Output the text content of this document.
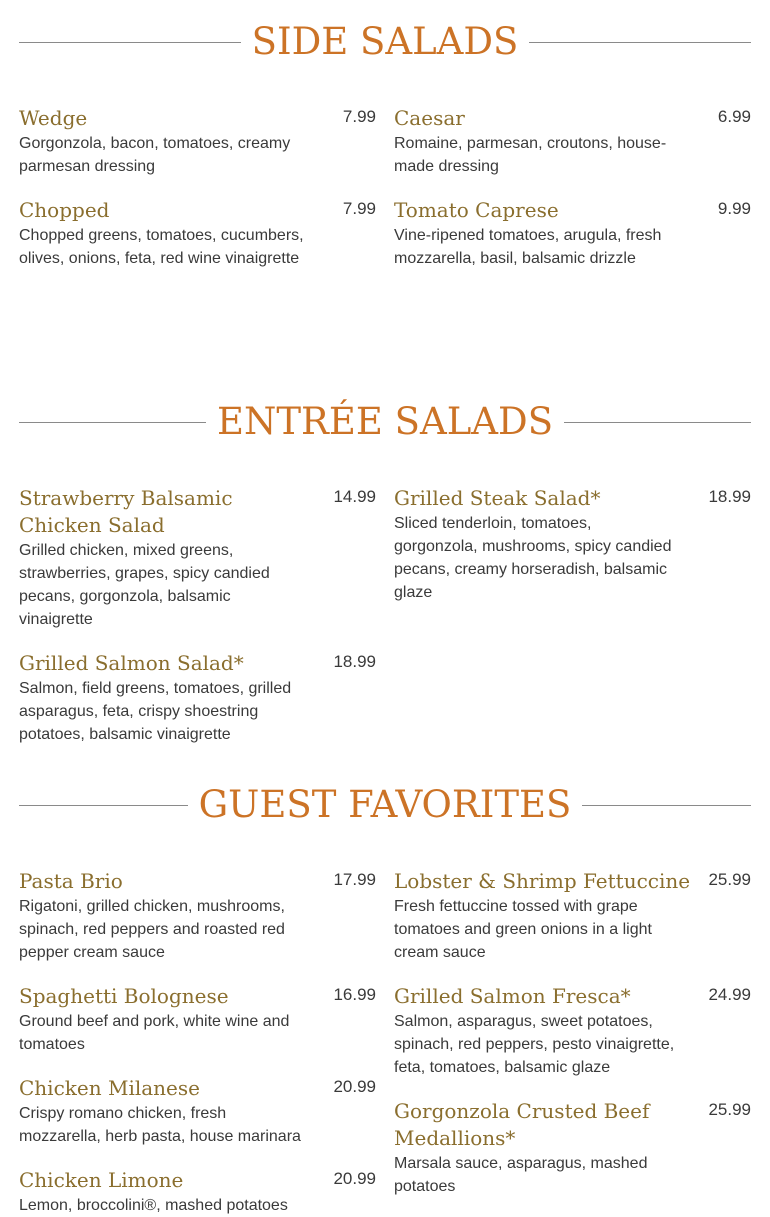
SIDE SALADS
Wedge	7.99
Gorgonzola, bacon, tomatoes, creamy parmesan dressing
Caesar	6.99
Romaine, parmesan, croutons, house-made dressing
Chopped	7.99
Chopped greens, tomatoes, cucumbers, olives, onions, feta, red wine vinaigrette
Tomato Caprese	9.99
Vine-ripened tomatoes, arugula, fresh mozzarella, basil, balsamic drizzle
ENTRÉE SALADS
Strawberry Balsamic Chicken Salad
14.99
Grilled chicken, mixed greens, strawberries, grapes, spicy candied pecans, gorgonzola, balsamic vinaigrette
Grilled Steak Salad*	18.99
Sliced tenderloin, tomatoes, gorgonzola, mushrooms, spicy candied pecans, creamy horseradish, balsamic glaze
Grilled Salmon Salad*	18.99
Salmon, field greens, tomatoes, grilled asparagus, feta, crispy shoestring potatoes, balsamic vinaigrette
GUEST FAVORITES
Pasta Brio	17.99
Rigatoni, grilled chicken, mushrooms, spinach, red peppers and roasted red pepper cream sauce
Lobster & Shrimp Fettuccine 25.99
Fresh fettuccine tossed with grape tomatoes and green onions in a light cream sauce
Spaghetti Bolognese	16.99
Ground beef and pork, white wine and tomatoes
Grilled Salmon Fresca*	24.99
Salmon, asparagus, sweet potatoes, spinach, red peppers, pesto vinaigrette, feta, tomatoes, balsamic glaze
Chicken Milanese	20.99
Crispy romano chicken, fresh mozzarella, herb pasta, house marinara
Gorgonzola Crusted Beef Medallions*
25.99
Marsala sauce, asparagus, mashed potatoes
Chicken Limone	20.99
Lemon, broccolini®, mashed potatoes
